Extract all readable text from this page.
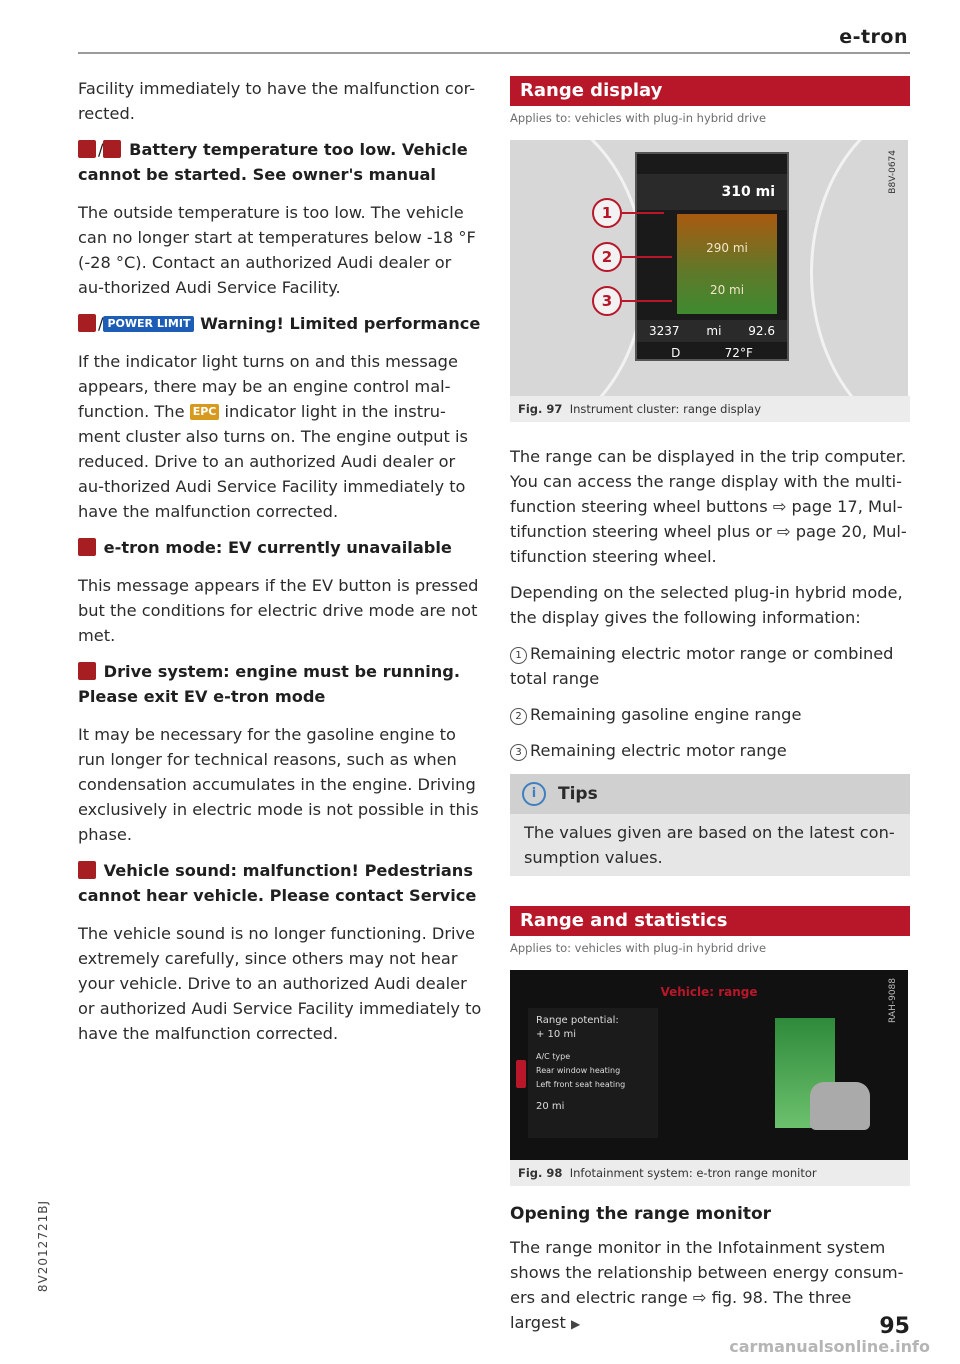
e-tron

Facility immediately to have the malfunction cor-rected.

/ Battery temperature too low. Vehicle cannot be started. See owner's manual

The outside temperature is too low. The vehicle can no longer start at temperatures below -18 °F (-28 °C). Contact an authorized Audi dealer or au-thorized Audi Service Facility.

/ POWER LIMIT Warning! Limited performance

If the indicator light turns on and this message appears, there may be an engine control mal-function. The EPC indicator light in the instru-ment cluster also turns on. The engine output is reduced. Drive to an authorized Audi dealer or au-thorized Audi Service Facility immediately to have the malfunction corrected.

e-tron mode: EV currently unavailable

This message appears if the EV button is pressed but the conditions for electric drive mode are not met.

Drive system: engine must be running. Please exit EV e-tron mode

It may be necessary for the gasoline engine to run longer for technical reasons, such as when condensation accumulates in the engine. Driving exclusively in electric mode is not possible in this phase.

Vehicle sound: malfunction! Pedestrians cannot hear vehicle. Please contact Service

The vehicle sound is no longer functioning. Drive extremely carefully, since others may not hear your vehicle. Drive to an authorized Audi dealer or authorized Audi Service Facility immediately to have the malfunction corrected.

Range display
Applies to: vehicles with plug-in hybrid drive
310 mi
290 mi
20 mi
3237 mi 92.6
D	72°F
1
2
3
B8V-0674
Fig. 97 Instrument cluster: range display

The range can be displayed in the trip computer. You can access the range display with the multi-function steering wheel buttons ⇨ page 17, Mul-tifunction steering wheel plus or ⇨ page 20, Mul-tifunction steering wheel.

Depending on the selected plug-in hybrid mode, the display gives the following information:

1 Remaining electric motor range or combined total range

2 Remaining gasoline engine range

3 Remaining electric motor range

i Tips
The values given are based on the latest con-sumption values.
Range and statistics
Applies to: vehicles with plug-in hybrid drive
Vehicle: range
Range potential:
+ 10 mi
A/C type
Rear window heating
Left front seat heating
20 mi
RAH-9088
Fig. 98 Infotainment system: e-tron range monitor
Opening the range monitor

The range monitor in the Infotainment system shows the relationship between energy consum-ers and electric range ⇨ fig. 98. The three largest ▶

8V2012721BJ
95
carmanualsonline.info
